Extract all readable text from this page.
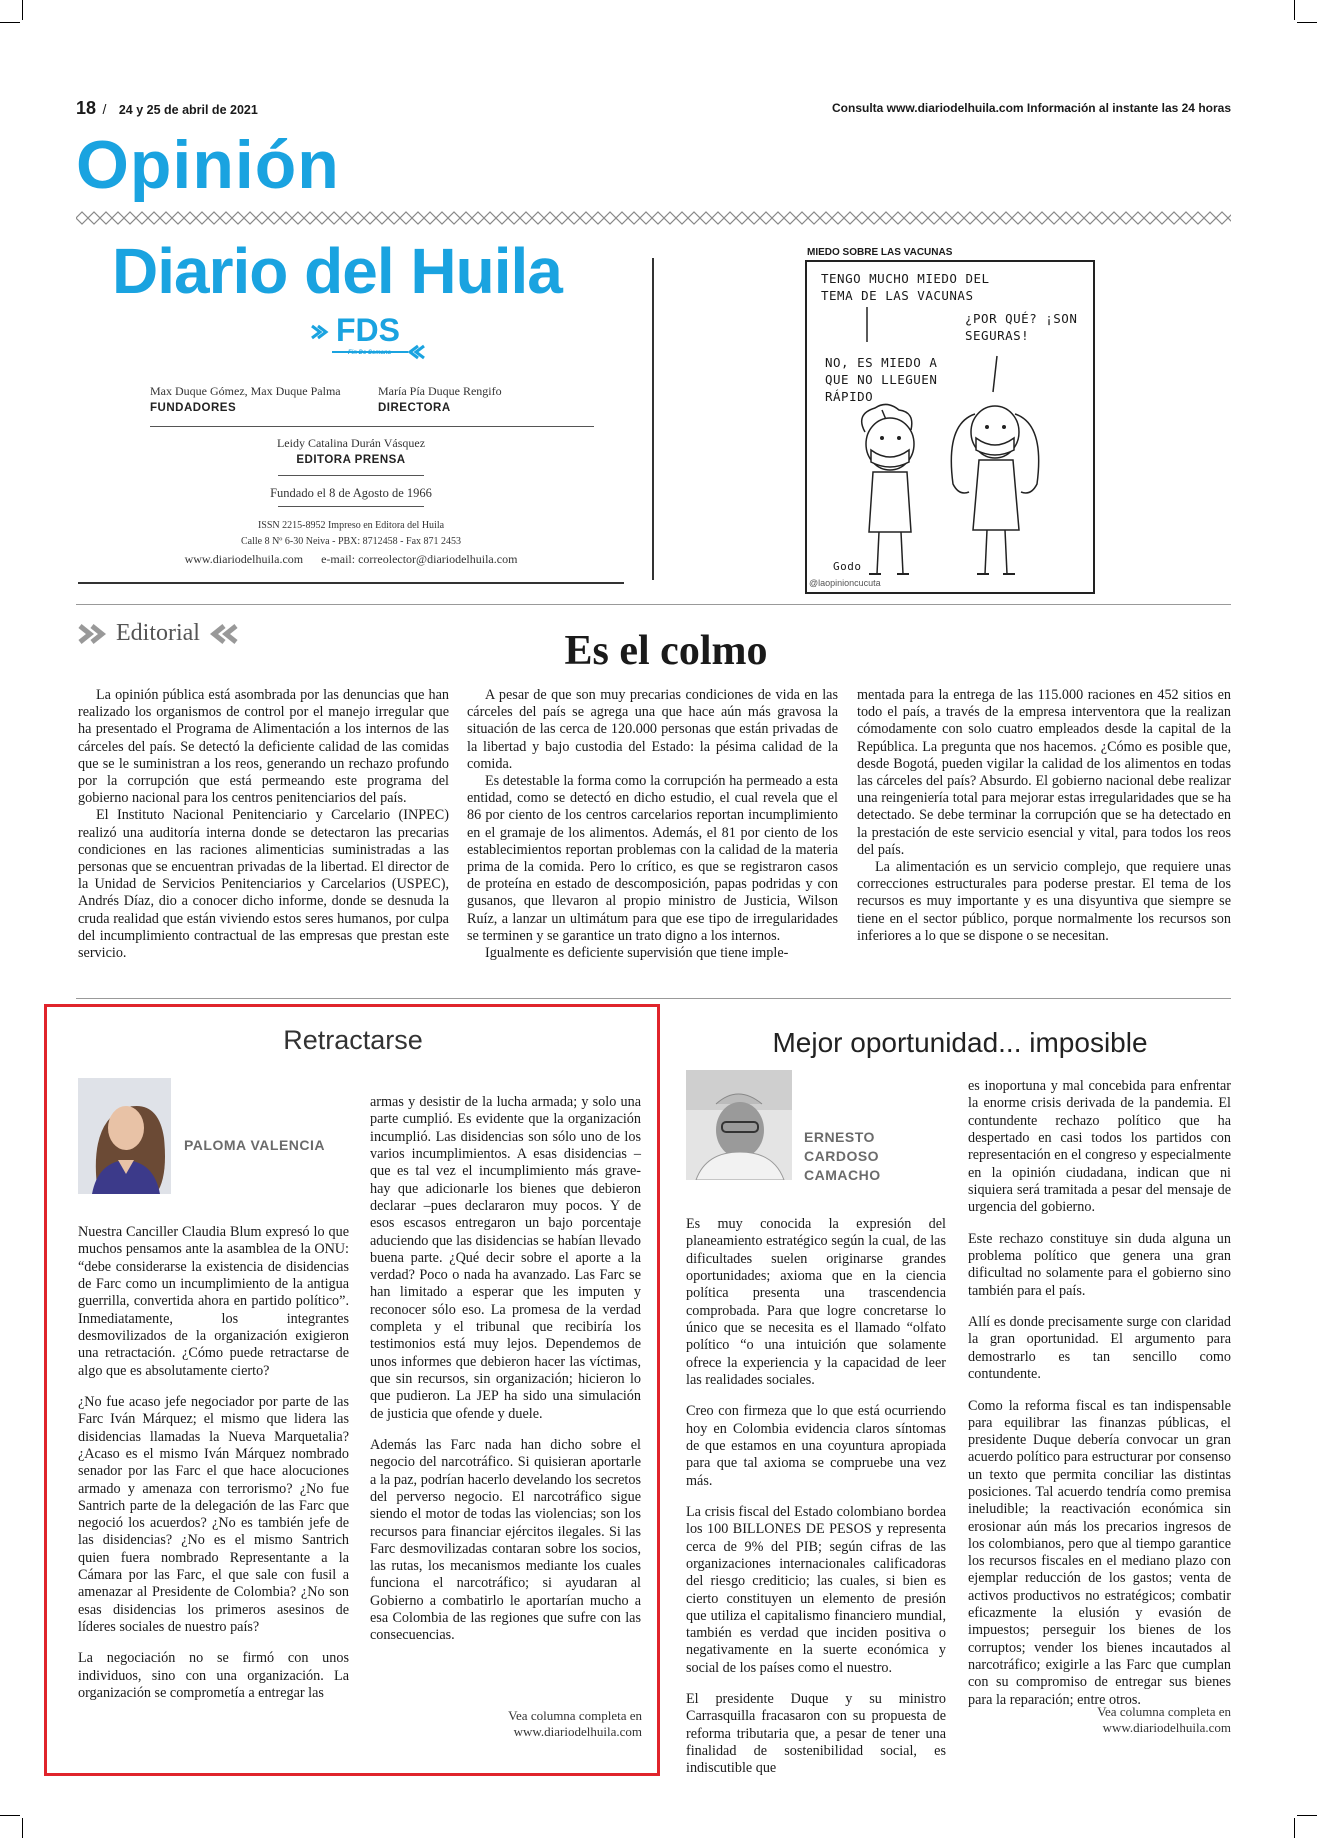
18 / 24 y 25 de abril de 2021	Consulta www.diariodelhuila.com Información al instante las 24 horas
Opinión
Diario del Huila
FDS
Fin De Semana
Max Duque Gómez, Max Duque Palma
FUNDADORES
María Pía Duque Rengifo
DIRECTORA
Leidy Catalina Durán Vásquez
EDITORA PRENSA
Fundado el 8 de Agosto de 1966
ISSN 2215-8952 Impreso en Editora del Huila
Calle 8 Nº 6-30 Neiva - PBX: 8712458 - Fax 871 2453
www.diariodelhuila.com e-mail: correolector@diariodelhuila.com
MIEDO SOBRE LAS VACUNAS
TENGO MUCHO MIEDO DEL TEMA DE LAS VACUNAS
¿POR QUÉ? ¡SON SEGURAS!
NO, ES MIEDO A QUE NO LLEGUEN RÁPIDO
Godo
@laopinioncucuta
Editorial	Es el colmo

La opinión pública está asombrada por las denuncias que han realizado los organismos de control por el manejo irregular que ha presentado el Programa de Alimentación a los internos de las cárceles del país. Se detectó la deficiente calidad de las comidas que se le suministran a los reos, generando un rechazo profundo por la corrupción que está permeando este programa del gobierno nacional para los centros penitenciarios del país.

El Instituto Nacional Penitenciario y Carcelario (INPEC) realizó una auditoría interna donde se detectaron las precarias condiciones en las raciones alimenticias suministradas a las personas que se encuentran privadas de la libertad. El director de la Unidad de Servicios Penitenciarios y Carcelarios (USPEC), Andrés Díaz, dio a conocer dicho informe, donde se desnuda la cruda realidad que están viviendo estos seres humanos, por culpa del incumplimiento contractual de las empresas que prestan este servicio.

A pesar de que son muy precarias condiciones de vida en las cárceles del país se agrega una que hace aún más gravosa la situación de las cerca de 120.000 personas que están privadas de la libertad y bajo custodia del Estado: la pésima calidad de la comida.

Es detestable la forma como la corrupción ha permeado a esta entidad, como se detectó en dicho estudio, el cual revela que el 86 por ciento de los centros carcelarios reportan incumplimiento en el gramaje de los alimentos. Además, el 81 por ciento de los establecimientos reportan problemas con la calidad de la materia prima de la comida. Pero lo crítico, es que se registraron casos de proteína en estado de descomposición, papas podridas y con gusanos, que llevaron al propio ministro de Justicia, Wilson Ruíz, a lanzar un ultimátum para que ese tipo de irregularidades se terminen y se garantice un trato digno a los internos.

Igualmente es deficiente supervisión que tiene imple-

mentada para la entrega de las 115.000 raciones en 452 sitios en todo el país, a través de la empresa interventora que la realizan cómodamente con solo cuatro empleados desde la capital de la República. La pregunta que nos hacemos. ¿Cómo es posible que, desde Bogotá, pueden vigilar la calidad de los alimentos en todas las cárceles del país? Absurdo. El gobierno nacional debe realizar una reingeniería total para mejorar estas irregularidades que se ha detectado. Se debe terminar la corrupción que se ha detectado en la prestación de este servicio esencial y vital, para todos los reos del país.

La alimentación es un servicio complejo, que requiere unas correcciones estructurales para poderse prestar. El tema de los recursos es muy importante y es una disyuntiva que siempre se tiene en el sector público, porque normalmente los recursos son inferiores a lo que se dispone o se necesitan.

Retractarse
PALOMA VALENCIA

Nuestra Canciller Claudia Blum expresó lo que muchos pensamos ante la asamblea de la ONU: “debe considerarse la existencia de disidencias de Farc como un incumplimiento de la antigua guerrilla, convertida ahora en partido político”. Inmediatamente, los integrantes desmovilizados de la organización exigieron una retractación. ¿Cómo puede retractarse de algo que es absolutamente cierto?

¿No fue acaso jefe negociador por parte de las Farc Iván Márquez; el mismo que lidera las disidencias llamadas la Nueva Marquetalia? ¿Acaso es el mismo Iván Márquez nombrado senador por las Farc el que hace alocuciones armado y amenaza con terrorismo? ¿No fue Santrich parte de la delegación de las Farc que negoció los acuerdos? ¿No es también jefe de las disidencias? ¿No es el mismo Santrich quien fuera nombrado Representante a la Cámara por las Farc, el que sale con fusil a amenazar al Presidente de Colombia? ¿No son esas disidencias los primeros asesinos de líderes sociales de nuestro país?

La negociación no se firmó con unos individuos, sino con una organización. La organización se comprometía a entregar las

armas y desistir de la lucha armada; y solo una parte cumplió. Es evidente que la organización incumplió. Las disidencias son sólo uno de los varios incumplimientos. A esas disidencias – que es tal vez el incumplimiento más grave- hay que adicionarle los bienes que debieron declarar –pues declararon muy pocos. Y de esos escasos entregaron un bajo porcentaje aduciendo que las disidencias se habían llevado buena parte. ¿Qué decir sobre el aporte a la verdad? Poco o nada ha avanzado. Las Farc se han limitado a esperar que les imputen y reconocer sólo eso. La promesa de la verdad completa y el tribunal que recibiría los testimonios está muy lejos. Dependemos de unos informes que debieron hacer las víctimas, que sin recursos, sin organización; hicieron lo que pudieron. La JEP ha sido una simulación de justicia que ofende y duele.

Además las Farc nada han dicho sobre el negocio del narcotráfico. Si quisieran aportarle a la paz, podrían hacerlo develando los secretos del perverso negocio. El narcotráfico sigue siendo el motor de todas las violencias; son los recursos para financiar ejércitos ilegales. Si las Farc desmovilizadas contaran sobre los socios, las rutas, los mecanismos mediante los cuales funciona el narcotráfico; si ayudaran al Gobierno a combatirlo le aportarían mucho a esa Colombia de las regiones que sufre con las consecuencias.

Vea columna completa en
www.diariodelhuila.com
Mejor oportunidad... imposible
ERNESTO
CARDOSO
CAMACHO

Es muy conocida la expresión del planeamiento estratégico según la cual, de las dificultades suelen originarse grandes oportunidades; axioma que en la ciencia política presenta una trascendencia comprobada. Para que logre concretarse lo único que se necesita es el llamado “olfato político “o una intuición que solamente ofrece la experiencia y la capacidad de leer las realidades sociales.

Creo con firmeza que lo que está ocurriendo hoy en Colombia evidencia claros síntomas de que estamos en una coyuntura apropiada para que tal axioma se compruebe una vez más.

La crisis fiscal del Estado colombiano bordea los 100 BILLONES DE PESOS y representa cerca de 9% del PIB; según cifras de las organizaciones internacionales calificadoras del riesgo crediticio; las cuales, si bien es cierto constituyen un elemento de presión que utiliza el capitalismo financiero mundial, también es verdad que inciden positiva o negativamente en la suerte económica y social de los países como el nuestro.

El presidente Duque y su ministro Carrasquilla fracasaron con su propuesta de reforma tributaria que, a pesar de tener una finalidad de sostenibilidad social, es indiscutible que

es inoportuna y mal concebida para enfrentar la enorme crisis derivada de la pandemia. El contundente rechazo político que ha despertado en casi todos los partidos con representación en el congreso y especialmente en la opinión ciudadana, indican que ni siquiera será tramitada a pesar del mensaje de urgencia del gobierno.

Este rechazo constituye sin duda alguna un problema político que genera una gran dificultad no solamente para el gobierno sino también para el país.

Allí es donde precisamente surge con claridad la gran oportunidad. El argumento para demostrarlo es tan sencillo como contundente.

Como la reforma fiscal es tan indispensable para equilibrar las finanzas públicas, el presidente Duque debería convocar un gran acuerdo político para estructurar por consenso un texto que permita conciliar las distintas posiciones. Tal acuerdo tendría como premisa ineludible; la reactivación económica sin erosionar aún más los precarios ingresos de los colombianos, pero que al tiempo garantice los recursos fiscales en el mediano plazo con ejemplar reducción de los gastos; venta de activos productivos no estratégicos; combatir eficazmente la elusión y evasión de impuestos; perseguir los bienes de los corruptos; vender los bienes incautados al narcotráfico; exigirle a las Farc que cumplan con su compromiso de entregar sus bienes para la reparación; entre otros.

Vea columna completa en
www.diariodelhuila.com
